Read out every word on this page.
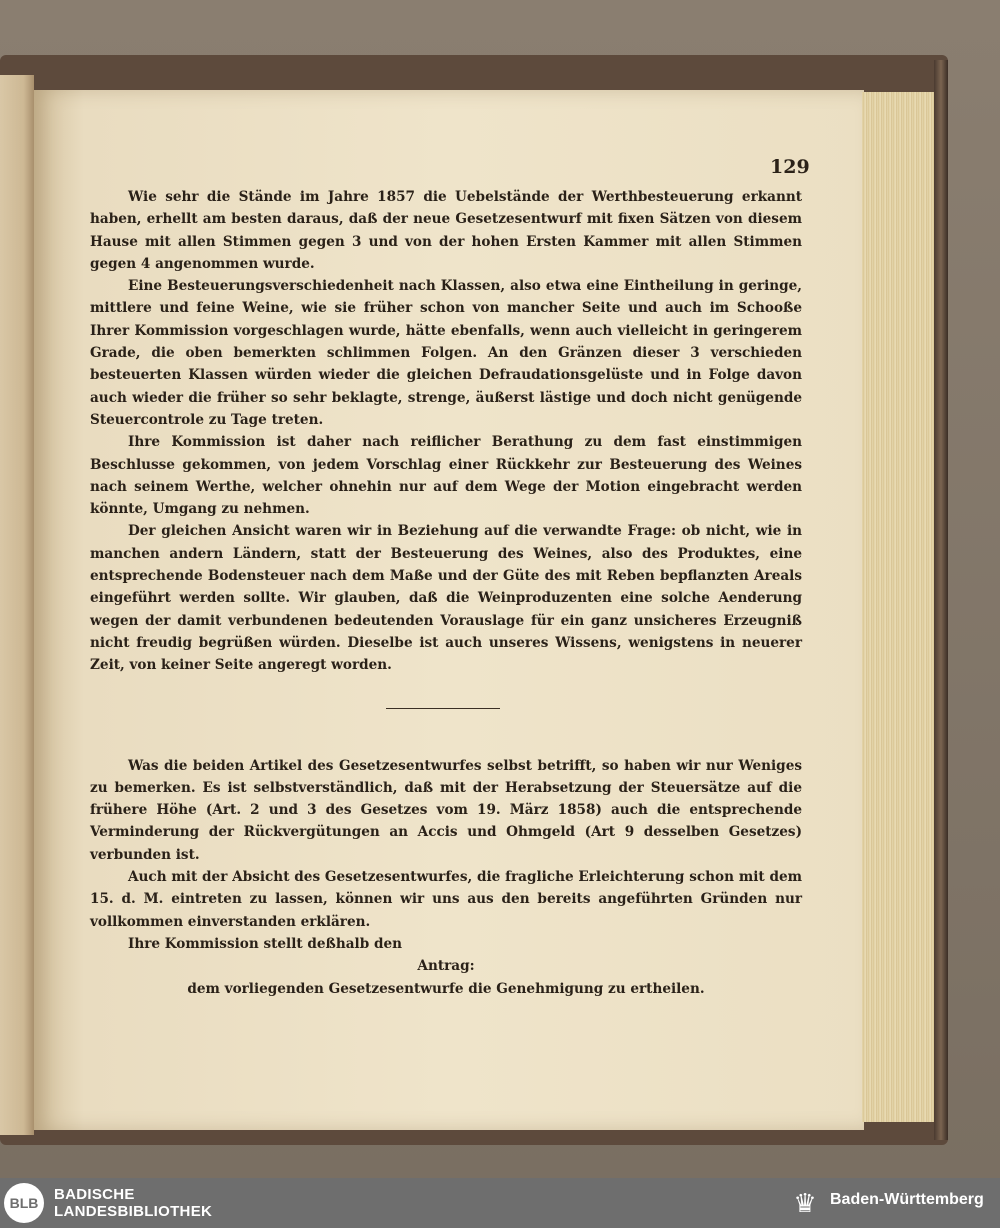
129

Wie sehr die Stände im Jahre 1857 die Uebelstände der Werthbesteuerung erkannt haben, erhellt am besten daraus, daß der neue Gesetzesentwurf mit fixen Sätzen von diesem Hause mit allen Stimmen gegen 3 und von der hohen Ersten Kammer mit allen Stimmen gegen 4 angenommen wurde.

Eine Besteuerungsverschiedenheit nach Klassen, also etwa eine Eintheilung in geringe, mittlere und feine Weine, wie sie früher schon von mancher Seite und auch im Schooße Ihrer Kommission vorgeschlagen wurde, hätte ebenfalls, wenn auch vielleicht in geringerem Grade, die oben bemerkten schlimmen Folgen. An den Gränzen dieser 3 verschieden besteuerten Klassen würden wieder die gleichen Defraudationsgelüste und in Folge davon auch wieder die früher so sehr beklagte, strenge, äußerst lästige und doch nicht genügende Steuercontrole zu Tage treten.

Ihre Kommission ist daher nach reiflicher Berathung zu dem fast einstimmigen Beschlusse gekommen, von jedem Vorschlag einer Rückkehr zur Besteuerung des Weines nach seinem Werthe, welcher ohnehin nur auf dem Wege der Motion eingebracht werden könnte, Umgang zu nehmen.

Der gleichen Ansicht waren wir in Beziehung auf die verwandte Frage: ob nicht, wie in manchen andern Ländern, statt der Besteuerung des Weines, also des Produktes, eine entsprechende Bodensteuer nach dem Maße und der Güte des mit Reben bepflanzten Areals eingeführt werden sollte. Wir glauben, daß die Weinproduzenten eine solche Aenderung wegen der damit verbundenen bedeutenden Vorauslage für ein ganz unsicheres Erzeugniß nicht freudig begrüßen würden. Dieselbe ist auch unseres Wissens, wenigstens in neuerer Zeit, von keiner Seite angeregt worden.

Was die beiden Artikel des Gesetzesentwurfes selbst betrifft, so haben wir nur Weniges zu bemerken. Es ist selbstverständlich, daß mit der Herabsetzung der Steuersätze auf die frühere Höhe (Art. 2 und 3 des Gesetzes vom 19. März 1858) auch die entsprechende Verminderung der Rückvergütungen an Accis und Ohmgeld (Art 9 desselben Gesetzes) verbunden ist.

Auch mit der Absicht des Gesetzesentwurfes, die fragliche Erleichterung schon mit dem 15. d. M. eintreten zu lassen, können wir uns aus den bereits angeführten Gründen nur vollkommen einverstanden erklären.

Ihre Kommission stellt deßhalb den

Antrag:

dem vorliegenden Gesetzesentwurfe die Genehmigung zu ertheilen.

BLB	BADISCHE
LANDESBIBLIOTHEK	♛ Baden-Württemberg
